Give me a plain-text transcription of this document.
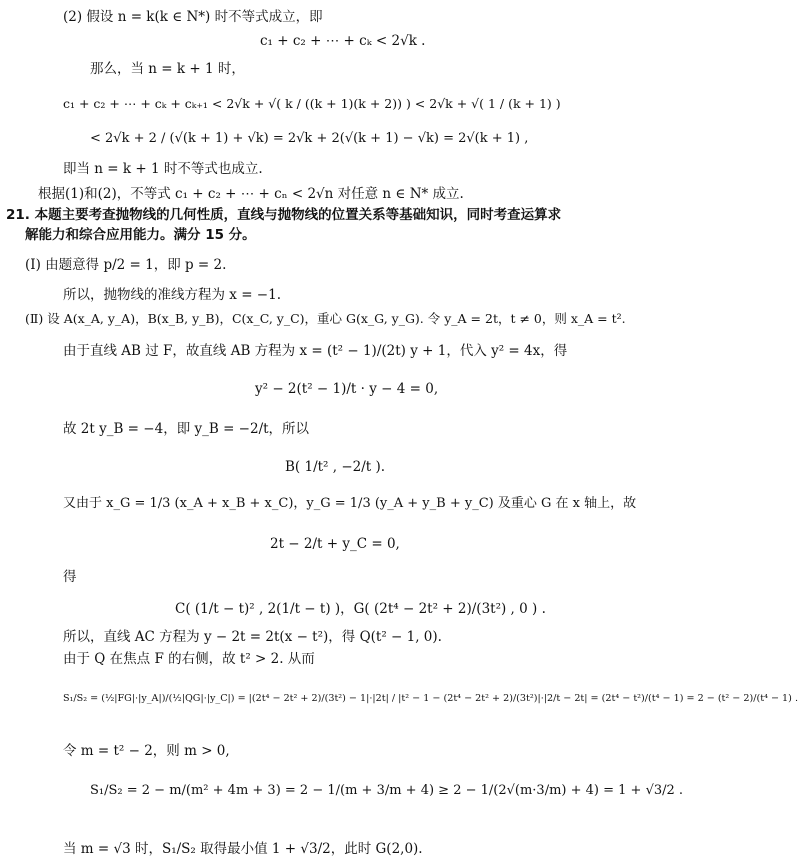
(2) 假设 n = k(k ∈ N*) 时不等式成立，即
c₁ + c₂ + ⋯ + cₖ < 2√k .
那么，当 n = k + 1 时，
c₁ + c₂ + ⋯ + cₖ + cₖ₊₁ < 2√k + √( k / ((k + 1)(k + 2)) ) < 2√k + √( 1 / (k + 1) )
< 2√k + 2 / (√(k + 1) + √k) = 2√k + 2(√(k + 1) − √k) = 2√(k + 1) ,
即当 n = k + 1 时不等式也成立.
根据(1)和(2)，不等式 c₁ + c₂ + ⋯ + cₙ < 2√n 对任意 n ∈ N* 成立.
21. 本题主要考查抛物线的几何性质，直线与抛物线的位置关系等基础知识，同时考查运算求
解能力和综合应用能力。满分 15 分。
(Ⅰ) 由题意得 p/2 = 1，即 p = 2.
所以，抛物线的准线方程为 x = −1.
(Ⅱ) 设 A(x_A, y_A)，B(x_B, y_B)，C(x_C, y_C)，重心 G(x_G, y_G). 令 y_A = 2t，t ≠ 0，则 x_A = t².
由于直线 AB 过 F，故直线 AB 方程为 x = (t² − 1)/(2t) y + 1，代入 y² = 4x，得
y² − 2(t² − 1)/t · y − 4 = 0,
故 2t y_B = −4，即 y_B = −2/t，所以
B( 1/t² , −2/t ).
又由于 x_G = 1/3 (x_A + x_B + x_C)，y_G = 1/3 (y_A + y_B + y_C) 及重心 G 在 x 轴上，故
2t − 2/t + y_C = 0,
得
C( (1/t − t)² , 2(1/t − t) )，G( (2t⁴ − 2t² + 2)/(3t²) , 0 ) .
所以，直线 AC 方程为 y − 2t = 2t(x − t²)，得 Q(t² − 1, 0).
由于 Q 在焦点 F 的右侧，故 t² > 2. 从而
S₁/S₂ = (½|FG|·|y_A|)/(½|QG|·|y_C|) = |(2t⁴ − 2t² + 2)/(3t²) − 1|·|2t| / |t² − 1 − (2t⁴ − 2t² + 2)/(3t²)|·|2/t − 2t| = (2t⁴ − t²)/(t⁴ − 1) = 2 − (t² − 2)/(t⁴ − 1) .
令 m = t² − 2，则 m > 0,
S₁/S₂ = 2 − m/(m² + 4m + 3) = 2 − 1/(m + 3/m + 4) ≥ 2 − 1/(2√(m·3/m) + 4) = 1 + √3/2 .
当 m = √3 时，S₁/S₂ 取得最小值 1 + √3/2，此时 G(2,0).
